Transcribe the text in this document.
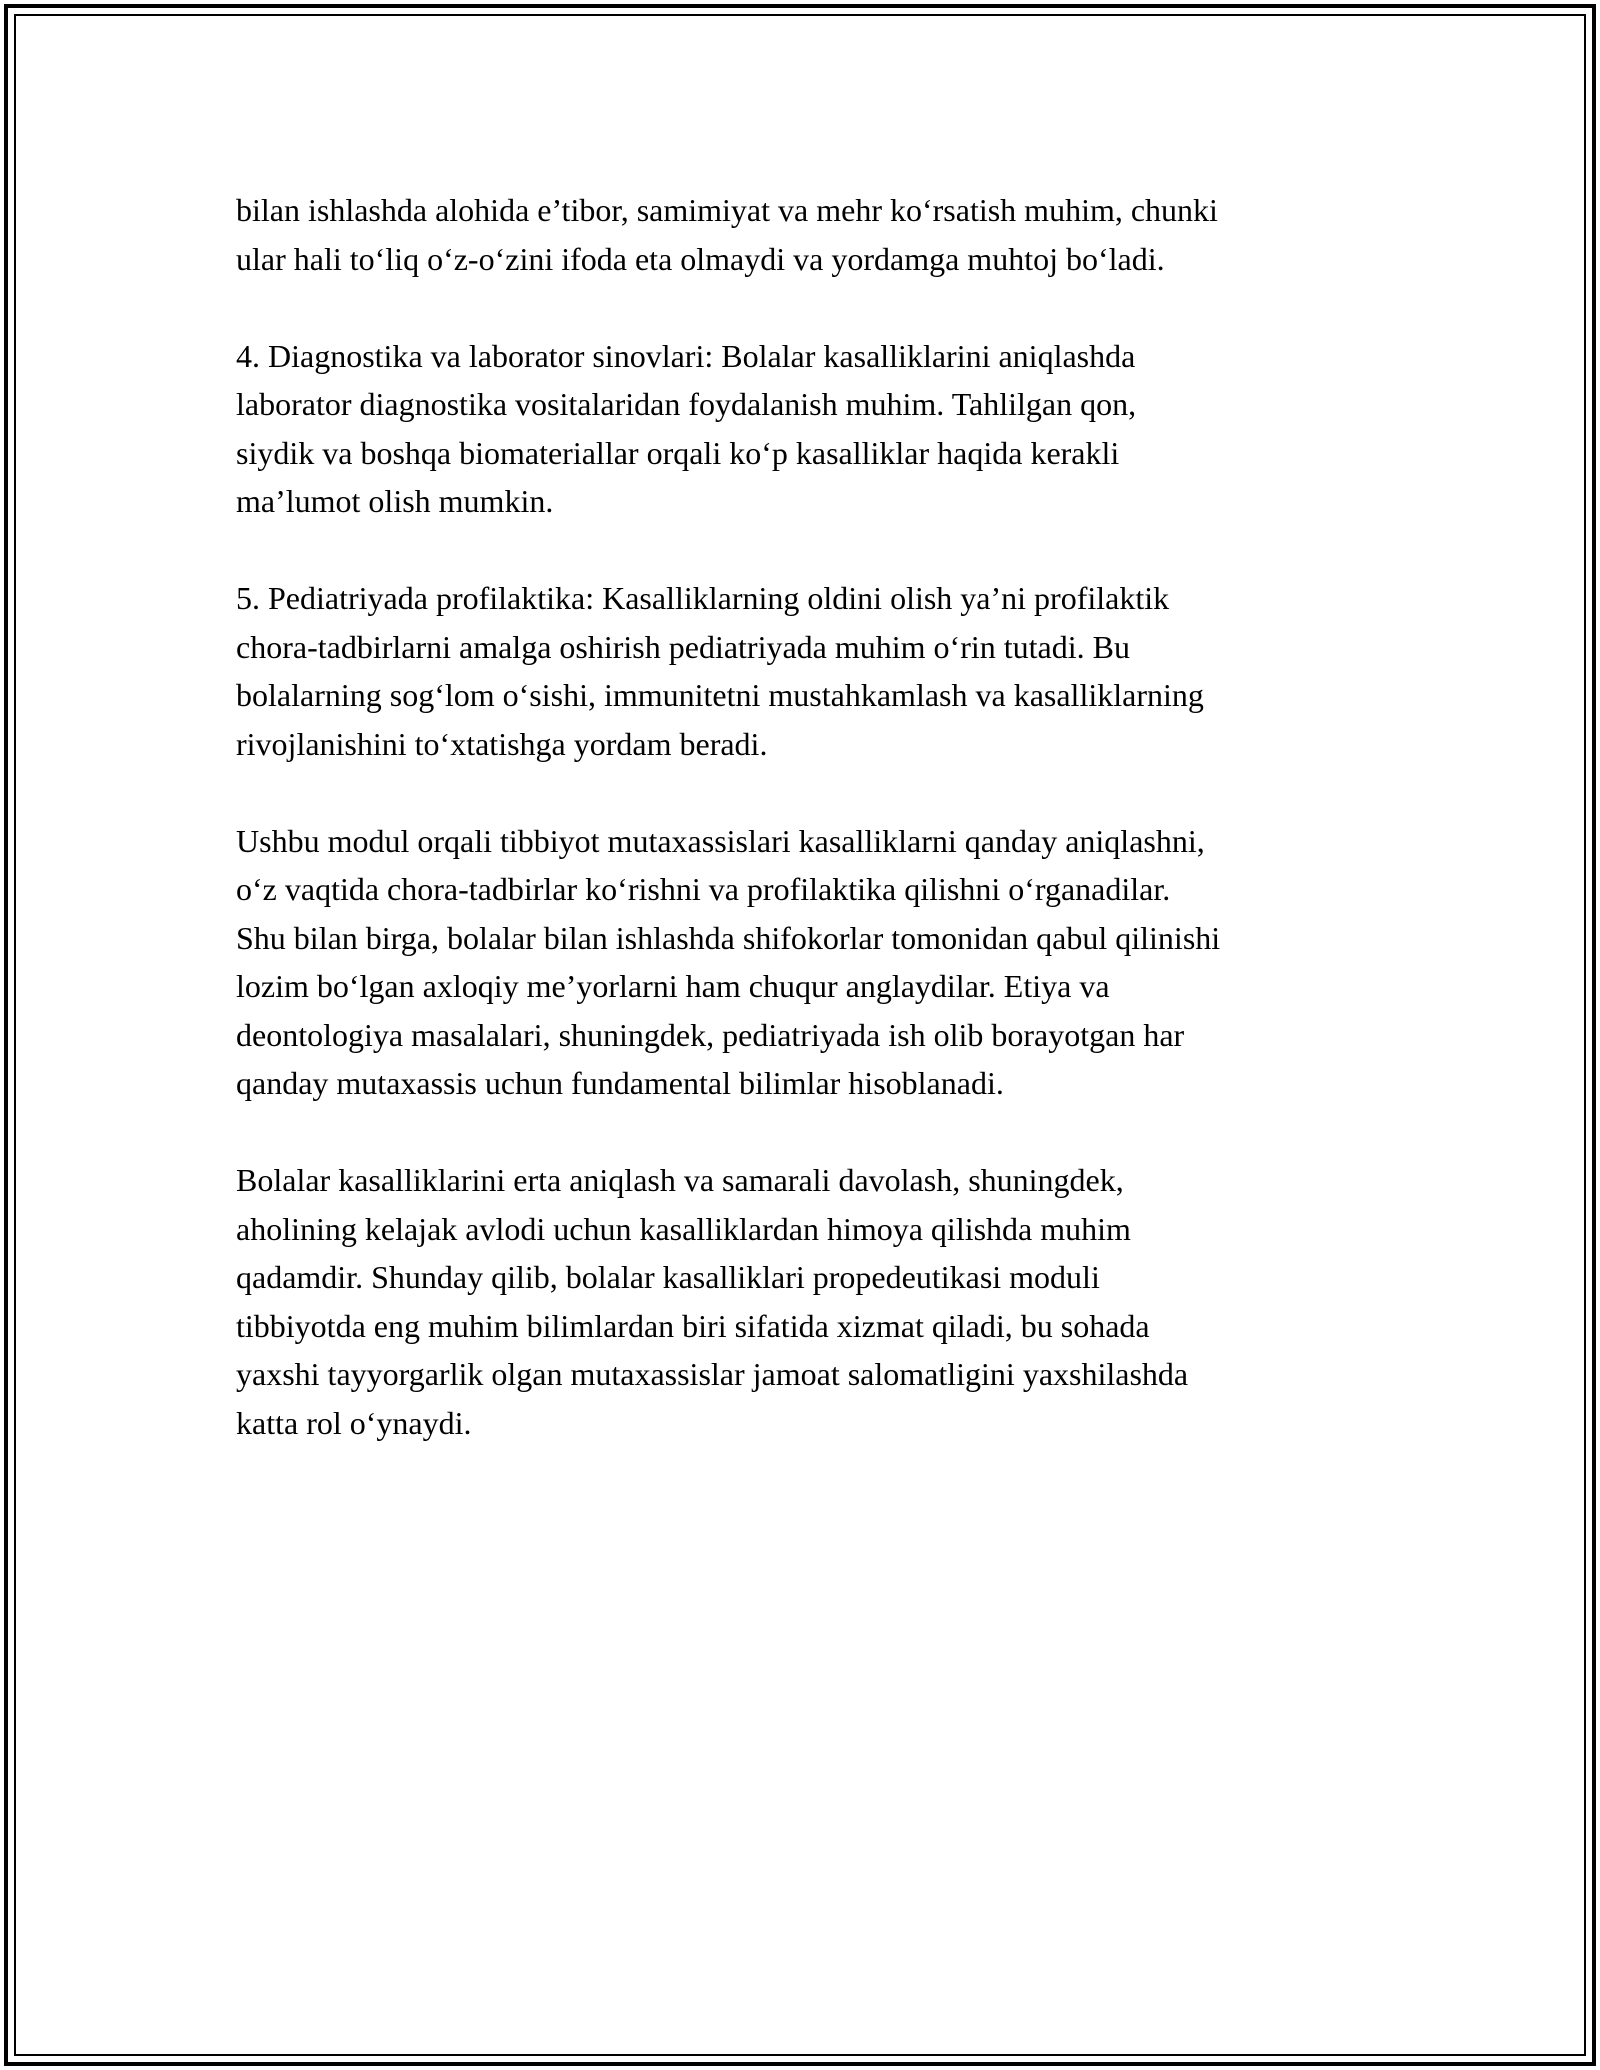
bilan ishlashda alohida e’tibor, samimiyat va mehr ko‘rsatish muhim, chunki
ular hali to‘liq o‘z-o‘zini ifoda eta olmaydi va yordamga muhtoj bo‘ladi.

4. Diagnostika va laborator sinovlari: Bolalar kasalliklarini aniqlashda
laborator diagnostika vositalaridan foydalanish muhim. Tahlilgan qon,
siydik va boshqa biomateriallar orqali ko‘p kasalliklar haqida kerakli
ma’lumot olish mumkin.

5. Pediatriyada profilaktika: Kasalliklarning oldini olish ya’ni profilaktik
chora-tadbirlarni amalga oshirish pediatriyada muhim o‘rin tutadi. Bu
bolalarning sog‘lom o‘sishi, immunitetni mustahkamlash va kasalliklarning
rivojlanishini to‘xtatishga yordam beradi.

Ushbu modul orqali tibbiyot mutaxassislari kasalliklarni qanday aniqlashni,
o‘z vaqtida chora-tadbirlar ko‘rishni va profilaktika qilishni o‘rganadilar.
Shu bilan birga, bolalar bilan ishlashda shifokorlar tomonidan qabul qilinishi
lozim bo‘lgan axloqiy me’yorlarni ham chuqur anglaydilar. Etiya va
deontologiya masalalari, shuningdek, pediatriyada ish olib borayotgan har
qanday mutaxassis uchun fundamental bilimlar hisoblanadi.

Bolalar kasalliklarini erta aniqlash va samarali davolash, shuningdek,
aholining kelajak avlodi uchun kasalliklardan himoya qilishda muhim
qadamdir. Shunday qilib, bolalar kasalliklari propedeutikasi moduli
tibbiyotda eng muhim bilimlardan biri sifatida xizmat qiladi, bu sohada
yaxshi tayyorgarlik olgan mutaxassislar jamoat salomatligini yaxshilashda
katta rol o‘ynaydi.
